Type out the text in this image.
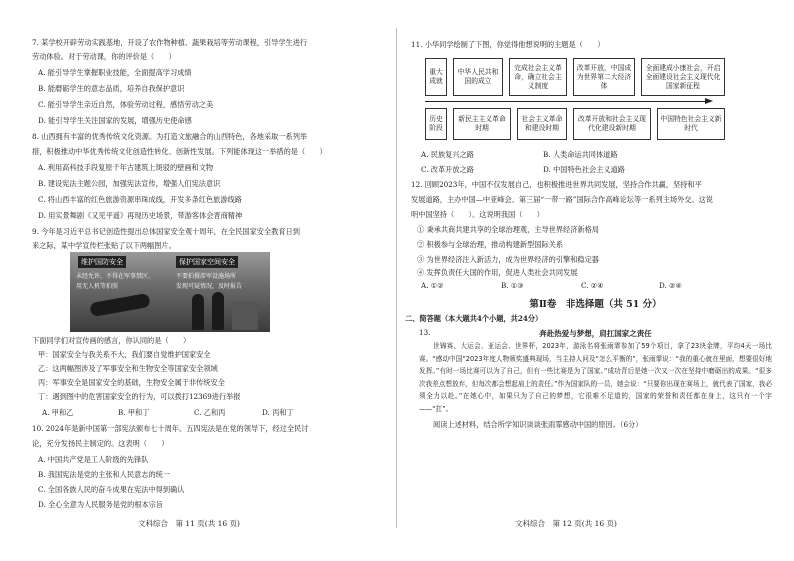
7. 某学校开辟劳动实践基地，开设了农作物种植、蔬果栽培等劳动课程，引导学生进行
劳动体验。对于劳动课，你的评价是（　　）
A. 能引导学生掌握职业技能，全面提高学习成绩
B. 能磨砺学生的意志品质，培养自我保护意识
C. 能引导学生亲近自然，体验劳动过程，感悟劳动之美
D. 能引导学生关注国家的发展，增强历史使命感
8. 山西拥有丰富的优秀传统文化资源。为打造文旅融合的山西特色，各地采取一系列举
措，积极推动中华优秀传统文化创造性转化、创新性发展。下列能体现这一举措的是（　　）
A. 利用高科技手段复原千年古建筑上斑驳的壁画和文物
B. 建设宪法主题公园，加强宪法宣传，增强人们宪法意识
C. 将山西丰富的红色旅游资源串珠成线，开发多条红色旅游线路
D. 用实景舞剧《又见平遥》再现历史场景，带游客体会晋商精神
9. 今年是习近平总书记创造性提出总体国家安全观十周年，在全民国家安全教育日到
来之际，某中学宣传栏张贴了以下两幅图片。
维护国防安全	保护国家空间安全
未经允许，不得在军事禁区、
用无人机等拍照
不要拍摄涉军设施场所
发现可疑情况，及时报告
下面同学们对宣传画的感言，你认同的是（　　）
甲：国家安全与我关系不大，我们要自觉维护国家安全
乙：这两幅图涉及了军事安全和生物安全等国家安全领域
丙：军事安全是国家安全的基础，生物安全属于非传统安全
丁：遇到图中的危害国家安全的行为，可以拨打12369进行举报
A. 甲和乙	B. 甲和丁	C. 乙和丙	D. 丙和丁
10. 2024年是新中国第一部宪法颁布七十周年。五四宪法是在党的领导下，经过全民讨
论，充分发扬民主制定的。这表明（　　）
A. 中国共产党是工人阶级的先锋队
B. 我国宪法是党的主张和人民意志的统一
C. 全国各族人民的奋斗成果在宪法中得到确认
D. 全心全意为人民服务是党的根本宗旨
文科综合　第 11 页(共 16 页)
11. 小华同学绘制了下图，你觉得他想说明的主题是（　　）
重大成就
中华人民共和国的成立
完成社会主义革命，确立社会主义制度
改革开放，中国成为世界第二大经济体
全面建成小康社会，开启全面建设社会主义现代化国家新征程
历史阶段
新民主主义革命时期
社会主义革命和建设时期
改革开放和社会主义现代化建设新时期
中国特色社会主义新时代
A. 民族复兴之路	B. 人类命运共同体道路
C. 改革开放之路	D. 中国特色社会主义道路
12. 回顾2023年，中国不仅发展自己，也积极推进世界共同发展，坚持合作共赢，坚持和平
发展道路，主办中国—中亚峰会、第三届“一带一路”国际合作高峰论坛等一系列主场外交。这说
明中国坚持（　　）。这说明我国（　　）
① 秉承共商共建共享的全球治理观，主导世界经济新格局
② 积极参与全球治理，推动构建新型国际关系
③ 为世界经济注入新活力，成为世界经济的引擎和稳定器
④ 发挥负责任大国的作用，促进人类社会共同发展
A. ①②	B. ①③	C. ②④	D. ②④
第Ⅱ卷　非选择题（共 51 分）
二、简答题（本大题共4个小题，共24分）
13.	奔赴热爱与梦想，肩扛国家之责任
世锦赛、大运会、亚运会、世界杯，2023年，游泳名将张雨霏参加了59个项目，拿了23块金牌，平均4天一场比赛。“感动中国”2023年度人物颁奖盛典现场，当主持人问及“怎么平衡的”，张雨霏说：“我的重心就在里面，想要很好地发挥。”有时一场比赛可以为了自己，但有一些比赛是为了国家。”成功背后是她一次又一次在坚持中磨砺出的成果。“很多次我差点想放弃，但每次都会想起肩上的责任。”作为国家队的一员，她会说：“只要你出现在赛场上，就代表了国家，我必须全力以赴。”在她心中，如果只为了自己的梦想，它很难不足道的，国家的荣誉和责任都在身上，这只有一个字——“扛”。
阅读上述材料，结合所学知识谈谈张雨霏感动中国的原因。（6分）
文科综合　第 12 页(共 16 页)
